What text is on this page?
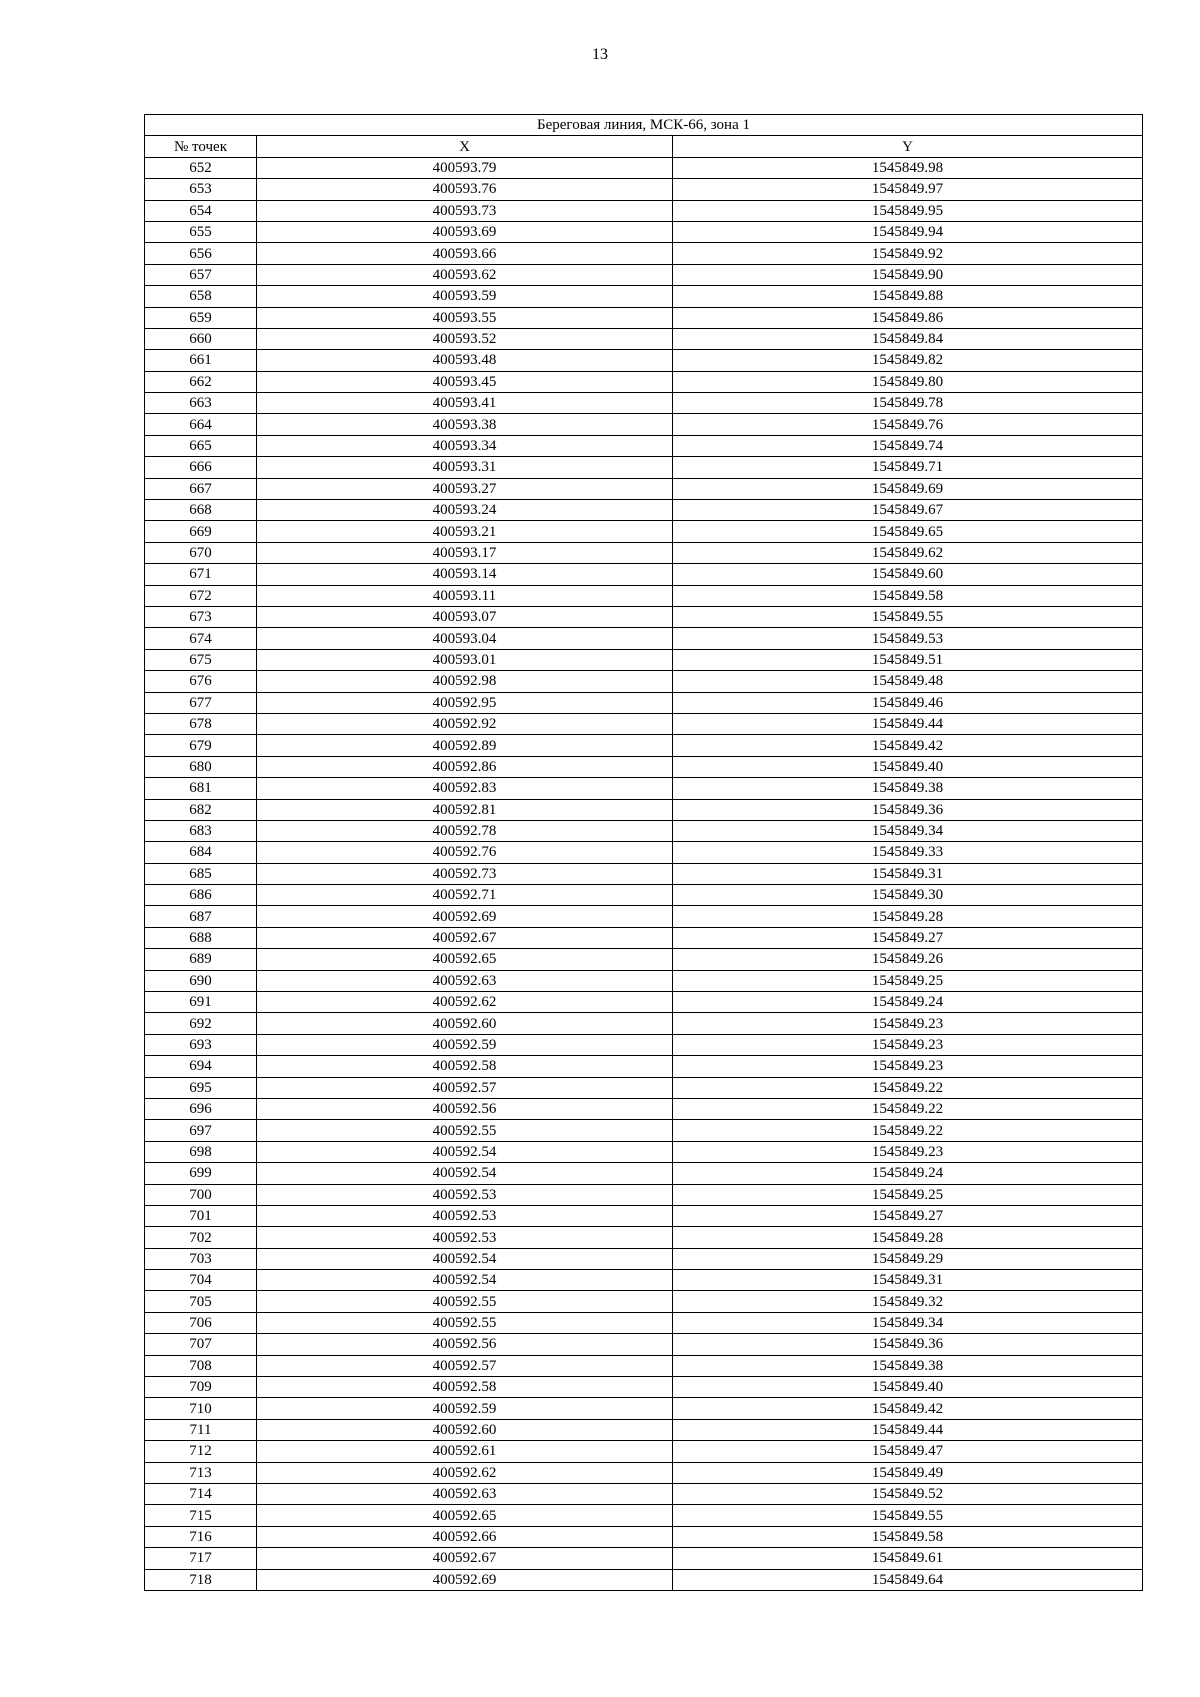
13
Береговая линия, МСК-66, зона 1		
№ точек	X	Y
652	400593.79	1545849.98
653	400593.76	1545849.97
654	400593.73	1545849.95
655	400593.69	1545849.94
656	400593.66	1545849.92
657	400593.62	1545849.90
658	400593.59	1545849.88
659	400593.55	1545849.86
660	400593.52	1545849.84
661	400593.48	1545849.82
662	400593.45	1545849.80
663	400593.41	1545849.78
664	400593.38	1545849.76
665	400593.34	1545849.74
666	400593.31	1545849.71
667	400593.27	1545849.69
668	400593.24	1545849.67
669	400593.21	1545849.65
670	400593.17	1545849.62
671	400593.14	1545849.60
672	400593.11	1545849.58
673	400593.07	1545849.55
674	400593.04	1545849.53
675	400593.01	1545849.51
676	400592.98	1545849.48
677	400592.95	1545849.46
678	400592.92	1545849.44
679	400592.89	1545849.42
680	400592.86	1545849.40
681	400592.83	1545849.38
682	400592.81	1545849.36
683	400592.78	1545849.34
684	400592.76	1545849.33
685	400592.73	1545849.31
686	400592.71	1545849.30
687	400592.69	1545849.28
688	400592.67	1545849.27
689	400592.65	1545849.26
690	400592.63	1545849.25
691	400592.62	1545849.24
692	400592.60	1545849.23
693	400592.59	1545849.23
694	400592.58	1545849.23
695	400592.57	1545849.22
696	400592.56	1545849.22
697	400592.55	1545849.22
698	400592.54	1545849.23
699	400592.54	1545849.24
700	400592.53	1545849.25
701	400592.53	1545849.27
702	400592.53	1545849.28
703	400592.54	1545849.29
704	400592.54	1545849.31
705	400592.55	1545849.32
706	400592.55	1545849.34
707	400592.56	1545849.36
708	400592.57	1545849.38
709	400592.58	1545849.40
710	400592.59	1545849.42
711	400592.60	1545849.44
712	400592.61	1545849.47
713	400592.62	1545849.49
714	400592.63	1545849.52
715	400592.65	1545849.55
716	400592.66	1545849.58
717	400592.67	1545849.61
718	400592.69	1545849.64
